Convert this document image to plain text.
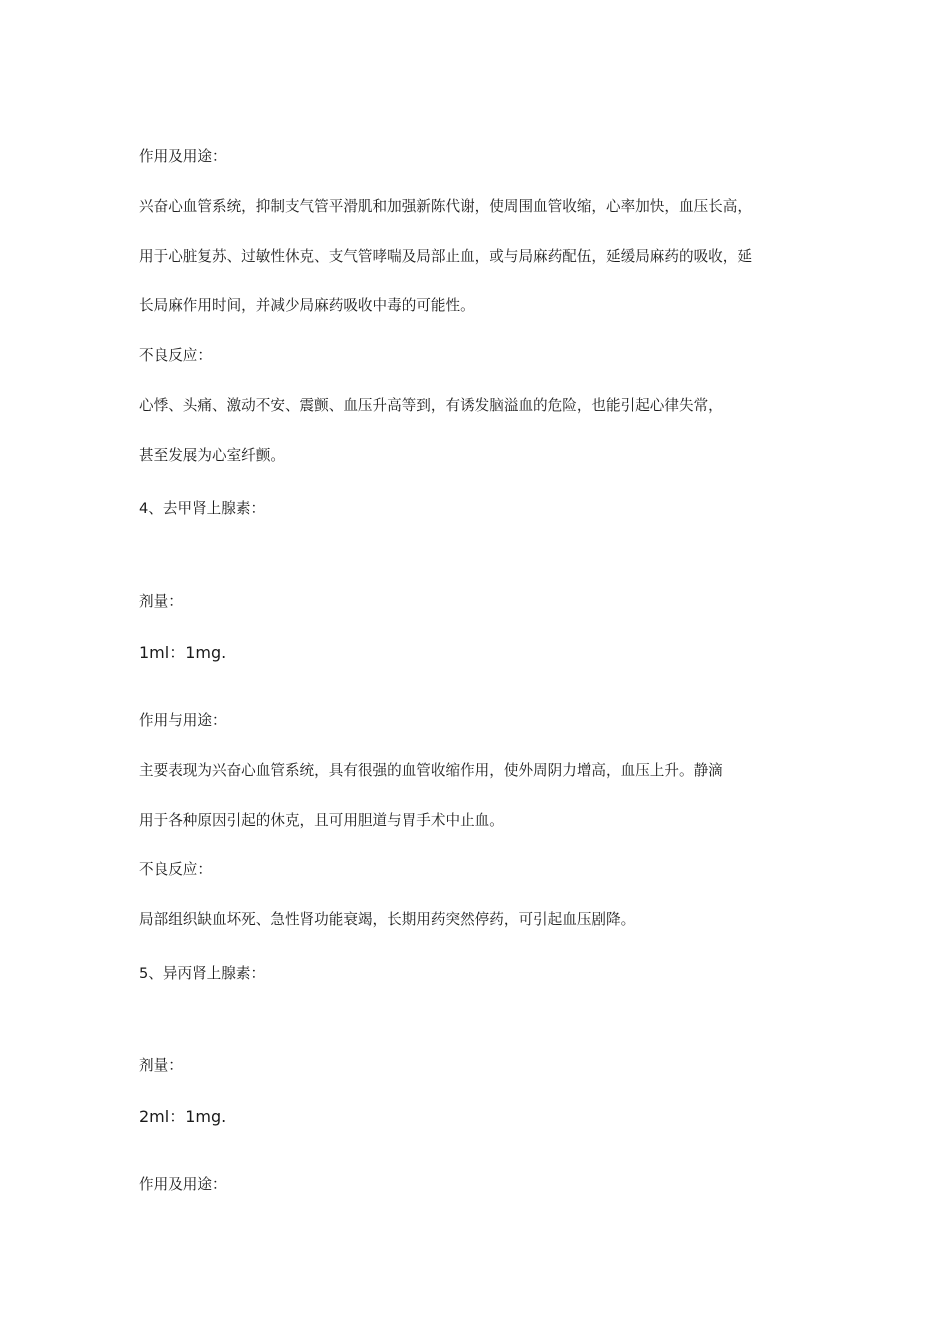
作用及用途：
兴奋心血管系统，抑制支气管平滑肌和加强新陈代谢，使周围血管收缩，心率加快，血压长高，
用于心脏复苏、过敏性休克、支气管哮喘及局部止血，或与局麻药配伍，延缓局麻药的吸收，延
长局麻作用时间，并减少局麻药吸收中毒的可能性。
不良反应：
心悸、头痛、激动不安、震颤、血压升高等到，有诱发脑溢血的危险，也能引起心律失常，
甚至发展为心室纤颤。
4、去甲肾上腺素：
剂量：
1ml：1mg.
作用与用途：
主要表现为兴奋心血管系统，具有很强的血管收缩作用，使外周阴力增高，血压上升。静滴
用于各种原因引起的休克，且可用胆道与胃手术中止血。
不良反应：
局部组织缺血坏死、急性肾功能衰竭，长期用药突然停药，可引起血压剧降。
5、异丙肾上腺素：
剂量：
2ml：1mg.
作用及用途：
